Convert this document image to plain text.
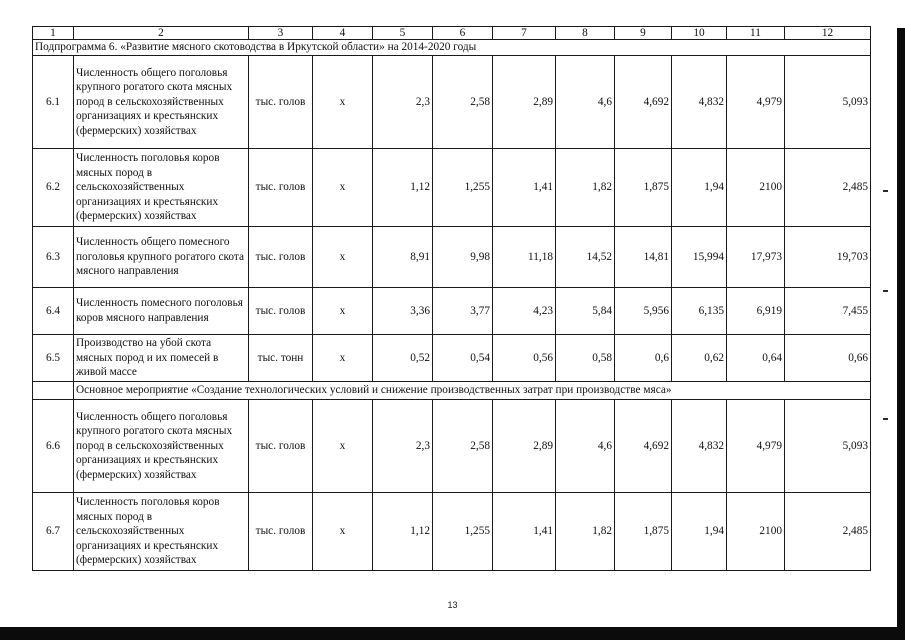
1	2	3	4	5	6	7	8	9	10	11	12
Подпрограмма 6. «Развитие мясного скотоводства в Иркутской области» на 2014-2020 годы											
6.1	Численность общего поголовья крупного рогатого скота мясных пород в сельскохозяйственных организациях и крестьянских (фермерских) хозяйствах	тыс. голов	х	2,3	2,58	2,89	4,6	4,692	4,832	4,979	5,093
6.2	Численность поголовья коров мясных пород в сельскохозяйственных организациях и крестьянских (фермерских) хозяйствах	тыс. голов	х	1,12	1,255	1,41	1,82	1,875	1,94	2100	2,485
6.3	Численность общего помесного поголовья крупного рогатого скота мясного направления	тыс. голов	х	8,91	9,98	11,18	14,52	14,81	15,994	17,973	19,703
6.4	Численность помесного поголовья коров мясного направления	тыс. голов	х	3,36	3,77	4,23	5,84	5,956	6,135	6,919	7,455
6.5	Производство на убой скота мясных пород и их помесей в живой массе	тыс. тонн	х	0,52	0,54	0,56	0,58	0,6	0,62	0,64	0,66
	Основное мероприятие «Создание технологических условий и снижение производственных затрат при производстве мяса»										
6.6	Численность общего поголовья крупного рогатого скота мясных пород в сельскохозяйственных организациях и крестьянских (фермерских) хозяйствах	тыс. голов	х	2,3	2,58	2,89	4,6	4,692	4,832	4,979	5,093
6.7	Численность поголовья коров мясных пород в сельскохозяйственных организациях и крестьянских (фермерских) хозяйствах	тыс. голов	х	1,12	1,255	1,41	1,82	1,875	1,94	2100	2,485
13
